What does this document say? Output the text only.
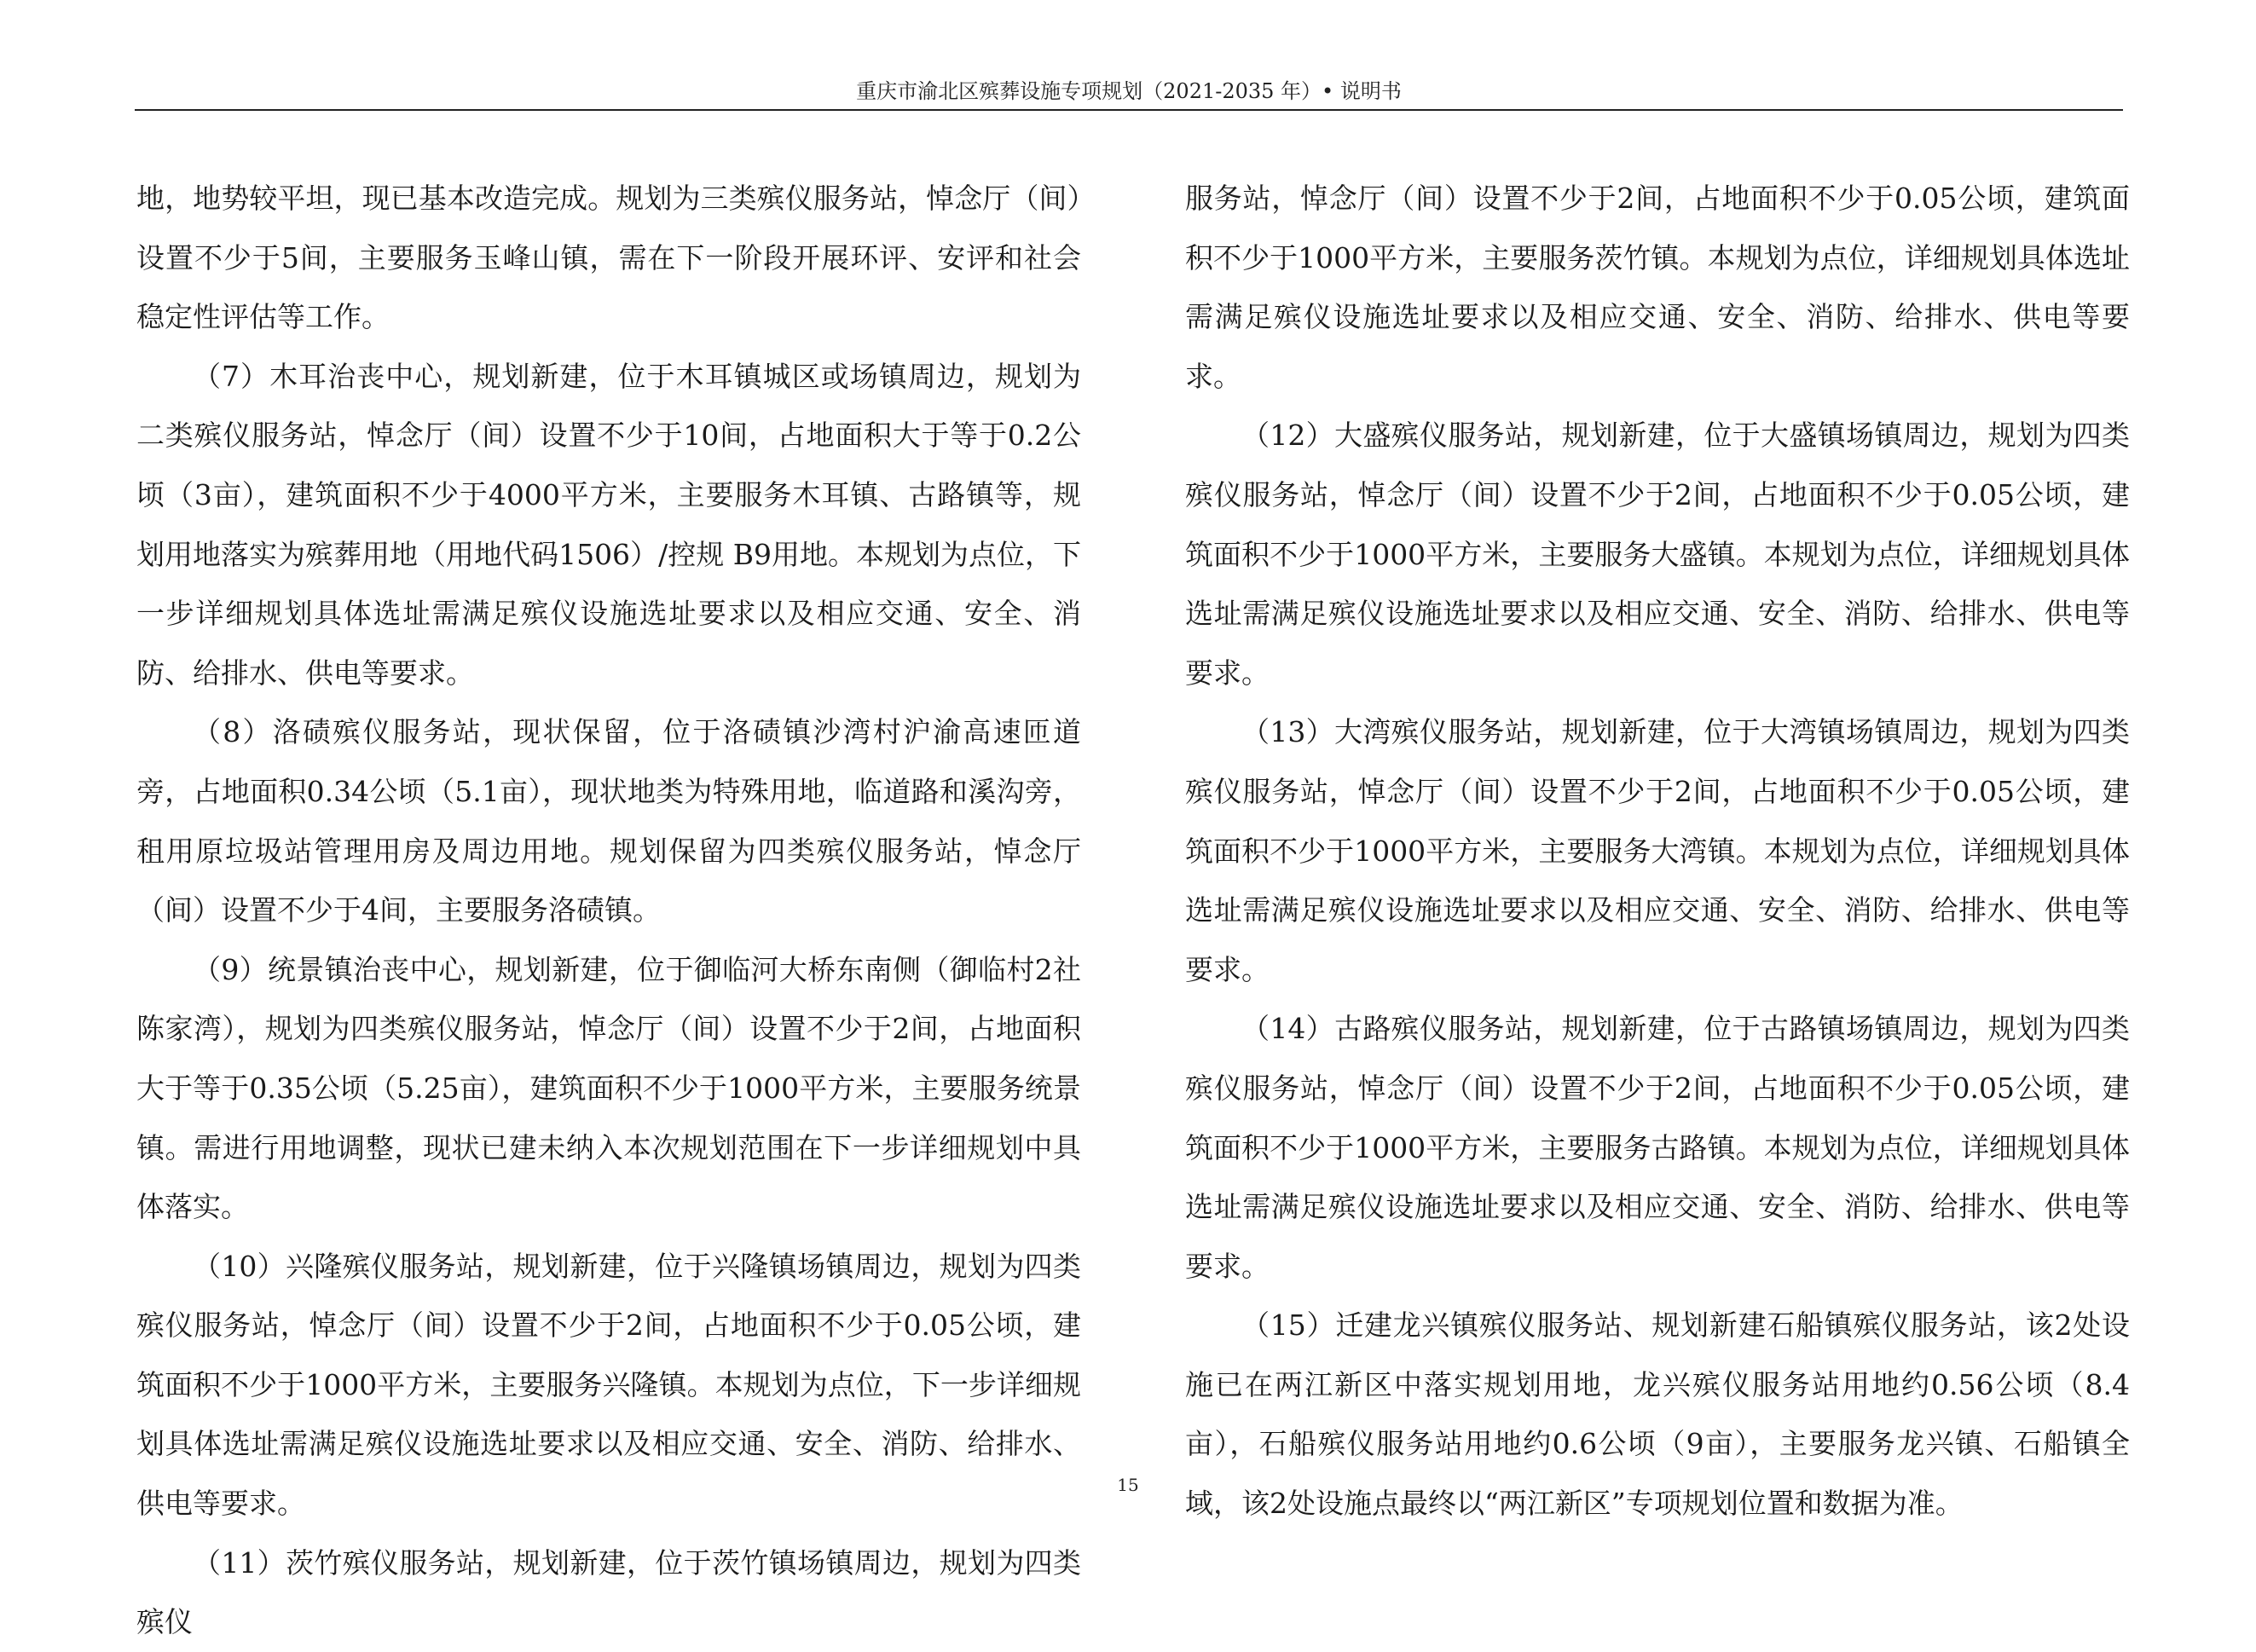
重庆市渝北区殡葬设施专项规划（2021-2035 年）• 说明书

地，地势较平坦，现已基本改造完成。规划为三类殡仪服务站，悼念厅（间）设置不少于5间，主要服务玉峰山镇，需在下一阶段开展环评、安评和社会稳定性评估等工作。

（7）木耳治丧中心，规划新建，位于木耳镇城区或场镇周边，规划为二类殡仪服务站，悼念厅（间）设置不少于10间，占地面积大于等于0.2公顷（3亩），建筑面积不少于4000平方米，主要服务木耳镇、古路镇等，规划用地落实为殡葬用地（用地代码1506）/控规 B9用地。本规划为点位，下一步详细规划具体选址需满足殡仪设施选址要求以及相应交通、安全、消防、给排水、供电等要求。

（8）洛碛殡仪服务站，现状保留，位于洛碛镇沙湾村沪渝高速匝道旁，占地面积0.34公顷（5.1亩），现状地类为特殊用地，临道路和溪沟旁，租用原垃圾站管理用房及周边用地。规划保留为四类殡仪服务站，悼念厅（间）设置不少于4间，主要服务洛碛镇。

（9）统景镇治丧中心，规划新建，位于御临河大桥东南侧（御临村2社陈家湾），规划为四类殡仪服务站，悼念厅（间）设置不少于2间，占地面积大于等于0.35公顷（5.25亩），建筑面积不少于1000平方米，主要服务统景镇。需进行用地调整，现状已建未纳入本次规划范围在下一步详细规划中具体落实。

（10）兴隆殡仪服务站，规划新建，位于兴隆镇场镇周边，规划为四类殡仪服务站，悼念厅（间）设置不少于2间，占地面积不少于0.05公顷，建筑面积不少于1000平方米，主要服务兴隆镇。本规划为点位，下一步详细规划具体选址需满足殡仪设施选址要求以及相应交通、安全、消防、给排水、供电等要求。

（11）茨竹殡仪服务站，规划新建，位于茨竹镇场镇周边，规划为四类殡仪

服务站，悼念厅（间）设置不少于2间，占地面积不少于0.05公顷，建筑面积不少于1000平方米，主要服务茨竹镇。本规划为点位，详细规划具体选址需满足殡仪设施选址要求以及相应交通、安全、消防、给排水、供电等要求。

（12）大盛殡仪服务站，规划新建，位于大盛镇场镇周边，规划为四类殡仪服务站，悼念厅（间）设置不少于2间，占地面积不少于0.05公顷，建筑面积不少于1000平方米，主要服务大盛镇。本规划为点位，详细规划具体选址需满足殡仪设施选址要求以及相应交通、安全、消防、给排水、供电等要求。

（13）大湾殡仪服务站，规划新建，位于大湾镇场镇周边，规划为四类殡仪服务站，悼念厅（间）设置不少于2间，占地面积不少于0.05公顷，建筑面积不少于1000平方米，主要服务大湾镇。本规划为点位，详细规划具体选址需满足殡仪设施选址要求以及相应交通、安全、消防、给排水、供电等要求。

（14）古路殡仪服务站，规划新建，位于古路镇场镇周边，规划为四类殡仪服务站，悼念厅（间）设置不少于2间，占地面积不少于0.05公顷，建筑面积不少于1000平方米，主要服务古路镇。本规划为点位，详细规划具体选址需满足殡仪设施选址要求以及相应交通、安全、消防、给排水、供电等要求。

（15）迁建龙兴镇殡仪服务站、规划新建石船镇殡仪服务站，该2处设施已在两江新区中落实规划用地，龙兴殡仪服务站用地约0.56公顷（8.4亩），石船殡仪服务站用地约0.6公顷（9亩），主要服务龙兴镇、石船镇全域，该2处设施点最终以“两江新区”专项规划位置和数据为准。

15
